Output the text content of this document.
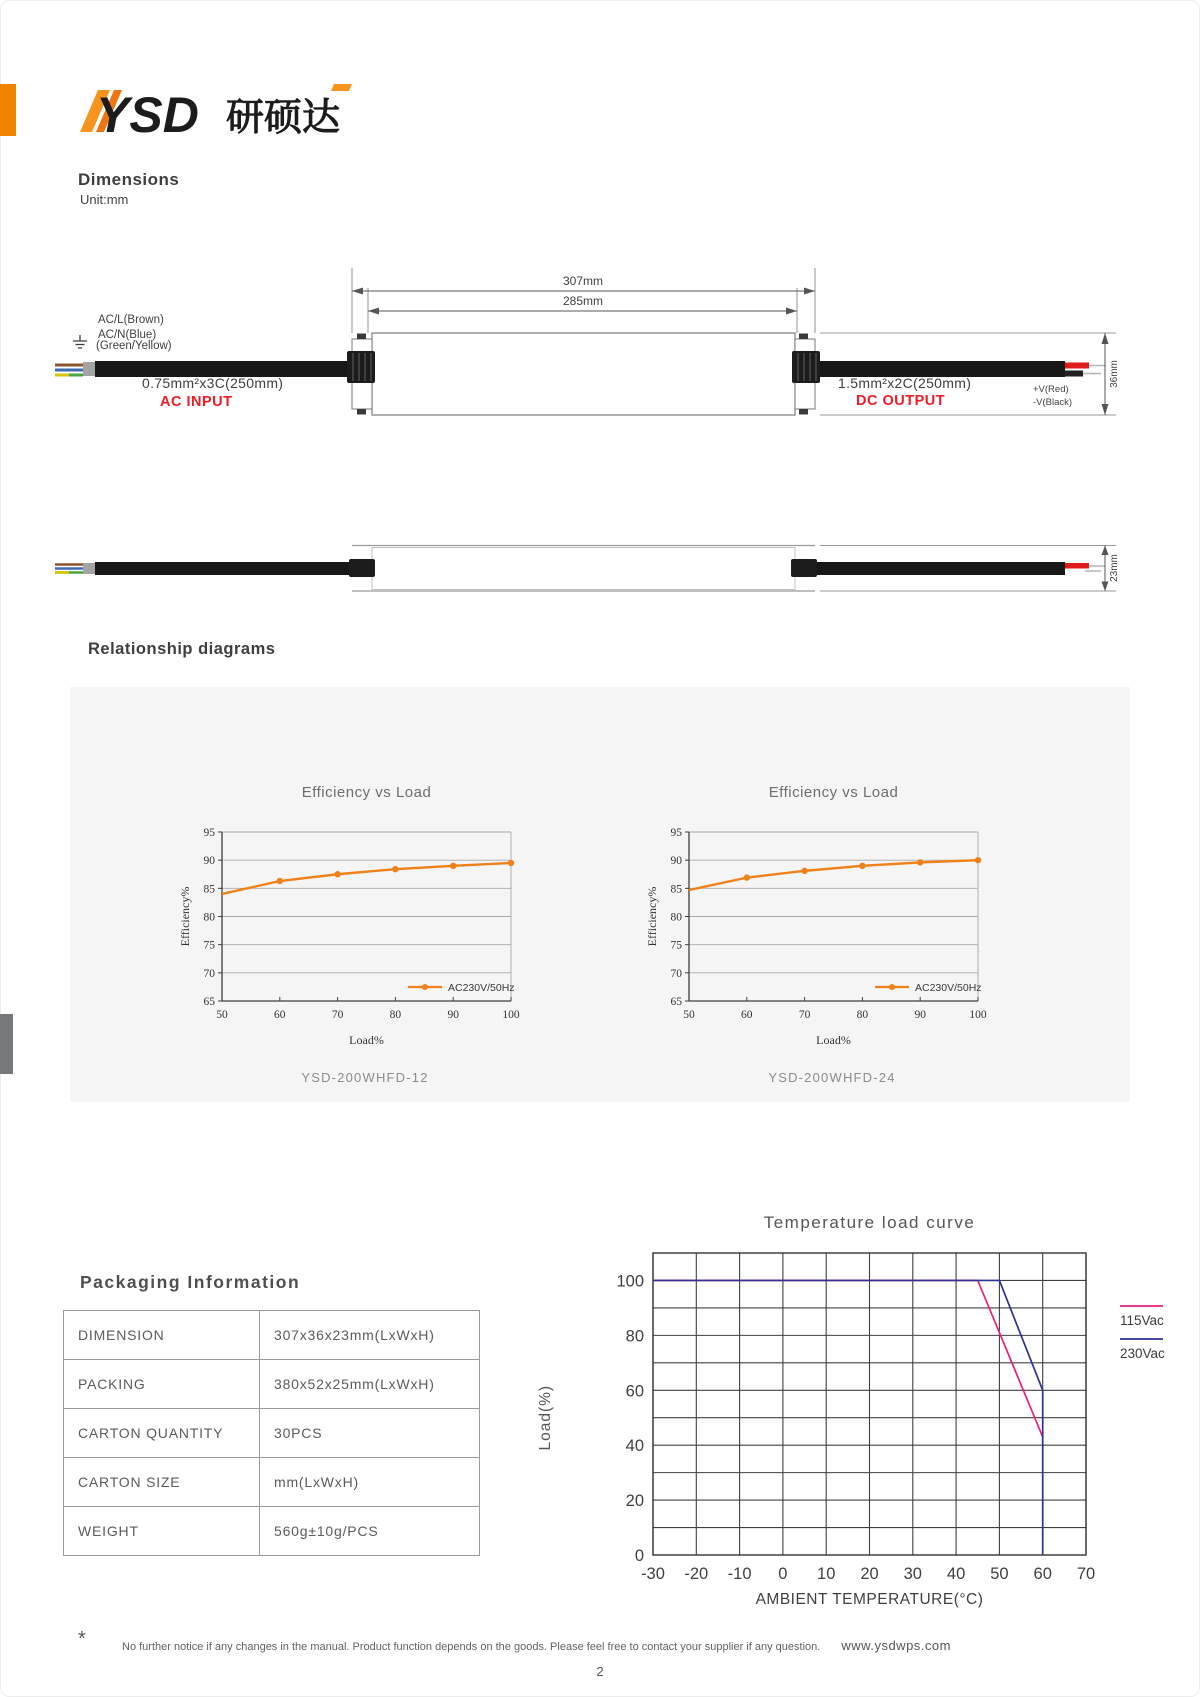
YSD 研硕达
Dimensions
Unit:mm
307mm
285mm
36mm
AC/L(Brown)
AC/N(Blue)
(Green/Yellow)
0.75mm²x3C(250mm)
AC INPUT
1.5mm²x2C(250mm)
DC OUTPUT
+V(Red)
-V(Black)
23mm
Relationship diagrams
Efficiency vs Load
65
70
75
80
85
90
95
50	60	70	80	90	100
Efficiency%
Load%
AC230V/50Hz
Efficiency vs Load
65
70
75
80
85
90
95
50	60	70	80	90	100
Efficiency%
Load%
AC230V/50Hz
YSD-200WHFD-12	YSD-200WHFD-24
Packaging Information
DIMENSION	307x36x23mm(LxWxH)
PACKING	380x52x25mm(LxWxH)
CARTON QUANTITY	30PCS
CARTON SIZE	mm(LxWxH)
WEIGHT	560g±10g/PCS
Temperature load curve
0
20
40
60
80
100
-30 -20 -10 0 10 20 30 40 50 60 70
Load(%)
AMBIENT TEMPERATURE(°C)
115Vac
230Vac
*	No further notice if any changes in the manual. Product function depends on the goods. Please feel free to contact your supplier if any question. www.ysdwps.com
2
